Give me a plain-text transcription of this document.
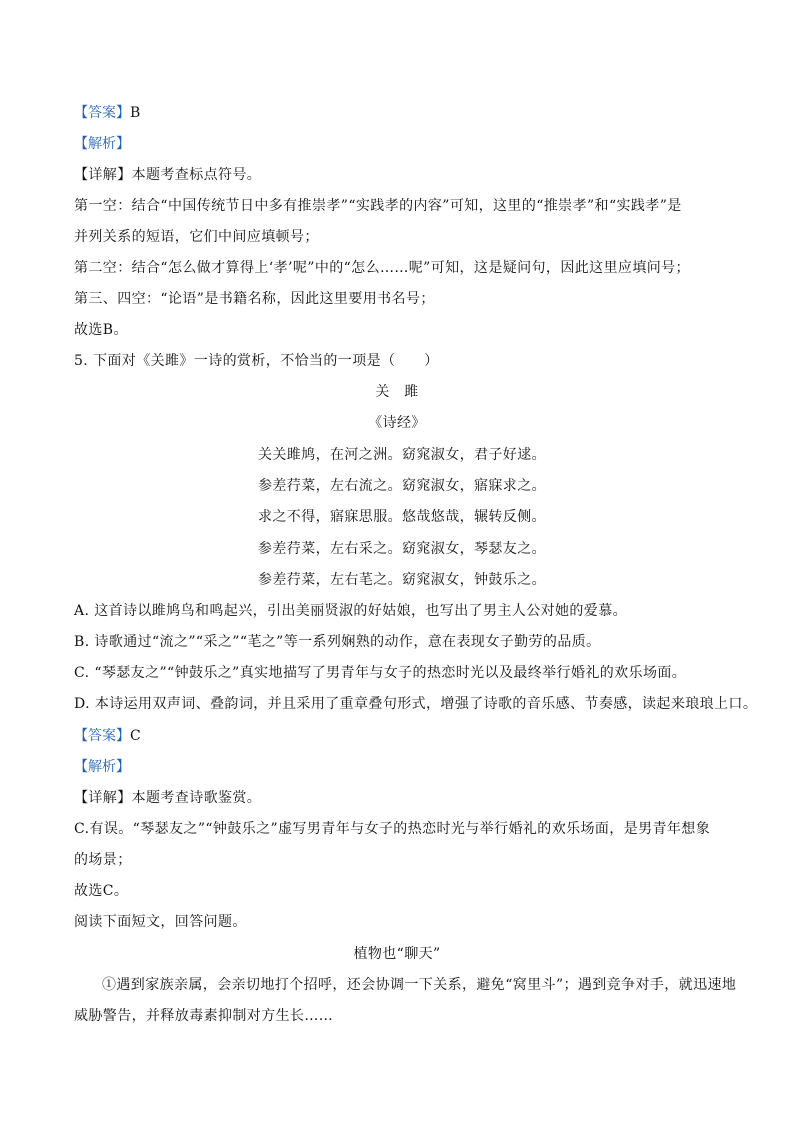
【答案】B

【解析】

【详解】本题考查标点符号。

第一空：结合“中国传统节日中多有推崇孝”“实践孝的内容”可知，这里的“推崇孝”和“实践孝”是

并列关系的短语，它们中间应填顿号；

第二空：结合“怎么做才算得上‘孝’呢”中的“怎么……呢”可知，这是疑问句，因此这里应填问号；

第三、四空：“论语”是书籍名称，因此这里要用书名号；

故选B。

5. 下面对《关雎》一诗的赏析，不恰当的一项是（　　）

关　雎

《诗经》

关关雎鸠，在河之洲。窈窕淑女，君子好逑。

参差荇菜，左右流之。窈窕淑女，寤寐求之。

求之不得，寤寐思服。悠哉悠哉，辗转反侧。

参差荇菜，左右采之。窈窕淑女，琴瑟友之。

参差荇菜，左右芼之。窈窕淑女，钟鼓乐之。

A. 这首诗以雎鸠鸟和鸣起兴，引出美丽贤淑的好姑娘，也写出了男主人公对她的爱慕。

B. 诗歌通过“流之”“采之”“芼之”等一系列娴熟的动作，意在表现女子勤劳的品质。

C. “琴瑟友之”“钟鼓乐之”真实地描写了男青年与女子的热恋时光以及最终举行婚礼的欢乐场面。

D. 本诗运用双声词、叠韵词，并且采用了重章叠句形式，增强了诗歌的音乐感、节奏感，读起来琅琅上口。

【答案】C

【解析】

【详解】本题考查诗歌鉴赏。

C.有误。“琴瑟友之”“钟鼓乐之”虚写男青年与女子的热恋时光与举行婚礼的欢乐场面，是男青年想象

的场景；

故选C。

阅读下面短文，回答问题。

植物也“聊天”

①遇到家族亲属，会亲切地打个招呼，还会协调一下关系，避免“窝里斗”；遇到竞争对手，就迅速地

威胁警告，并释放毒素抑制对方生长……
